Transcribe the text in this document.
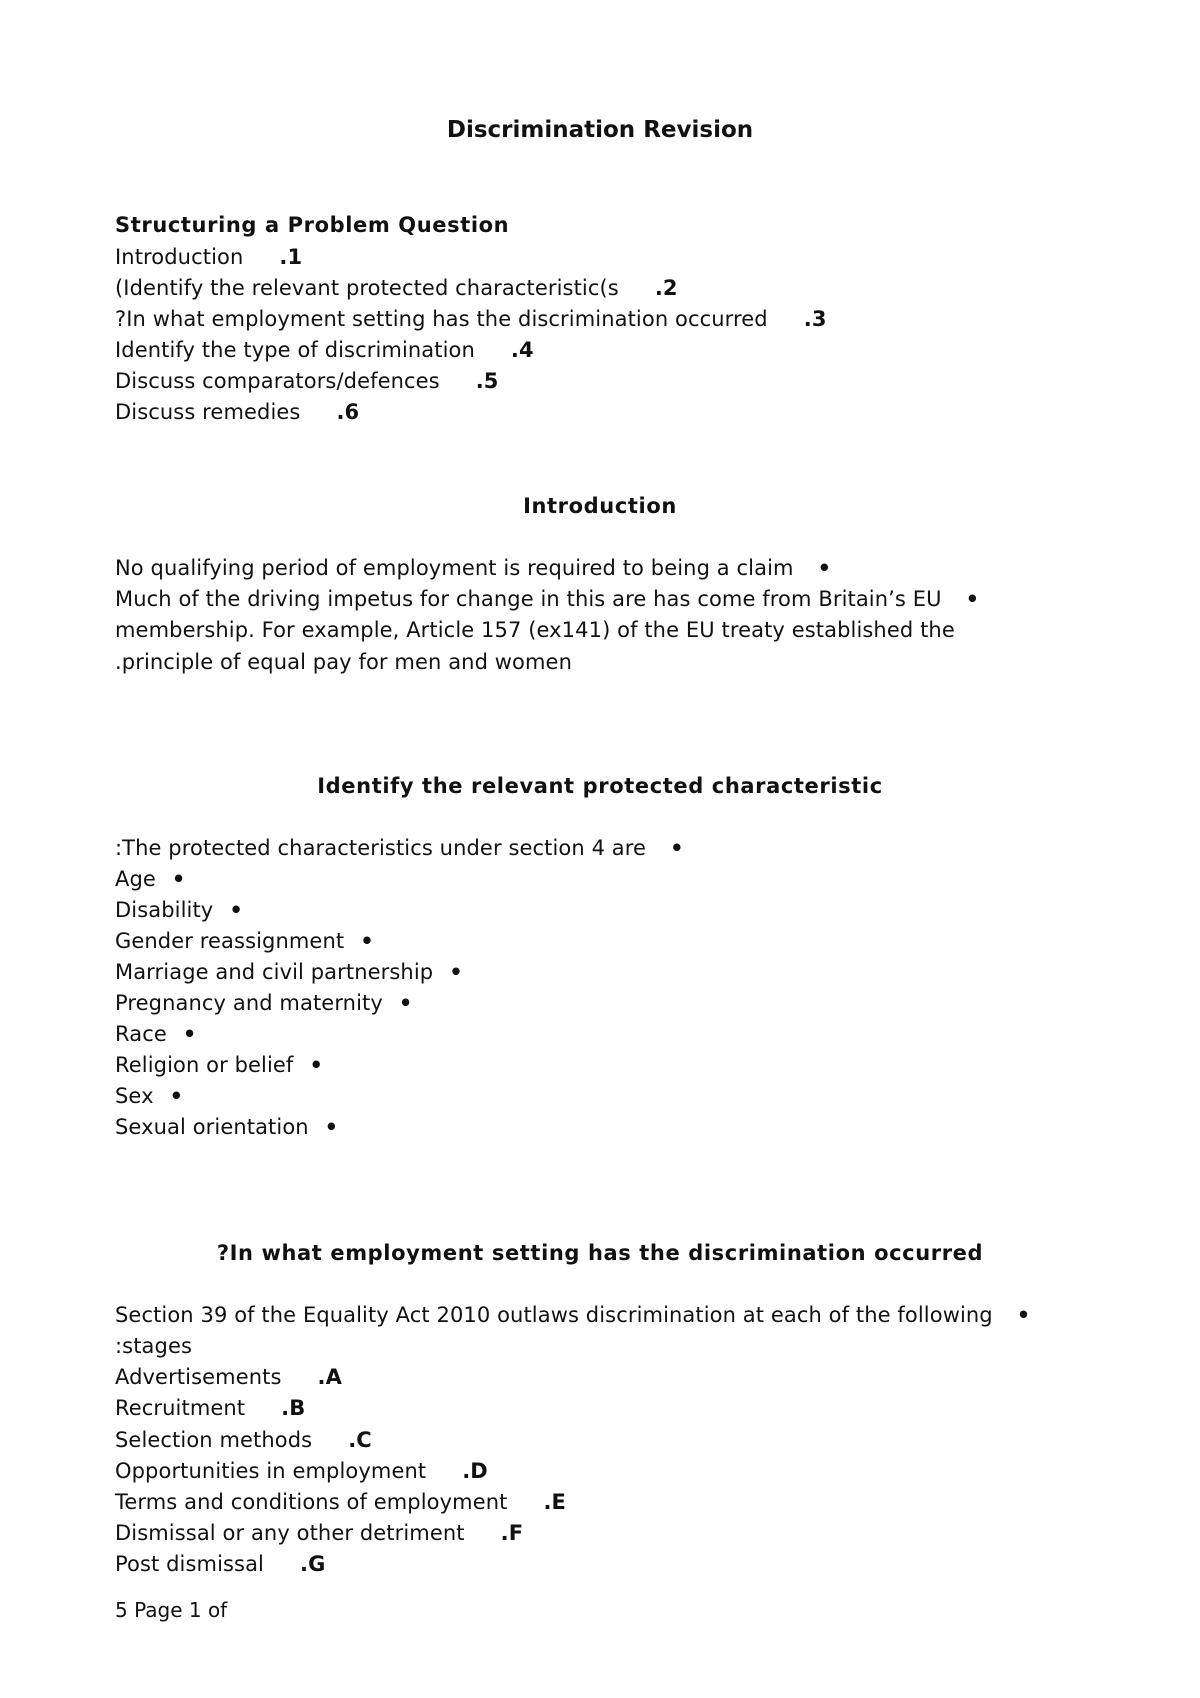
Discrimination Revision
Structuring a Problem Question
Introduction .1
(Identify the relevant protected characteristic(s .2
?In what employment setting has the discrimination occurred .3
Identify the type of discrimination .4
Discuss comparators/defences .5
Discuss remedies .6
Introduction
No qualifying period of employment is required to being a claim •
Much of the driving impetus for change in this are has come from Britain’s EU •
membership. For example, Article 157 (ex141) of the EU treaty established the
.principle of equal pay for men and women
Identify the relevant protected characteristic
:The protected characteristics under section 4 are •
Age •
Disability •
Gender reassignment •
Marriage and civil partnership •
Pregnancy and maternity •
Race •
Religion or belief •
Sex •
Sexual orientation •
?In what employment setting has the discrimination occurred
Section 39 of the Equality Act 2010 outlaws discrimination at each of the following •
:stages
Advertisements .A
Recruitment .B
Selection methods .C
Opportunities in employment .D
Terms and conditions of employment .E
Dismissal or any other detriment .F
Post dismissal .G
5 Page 1 of
